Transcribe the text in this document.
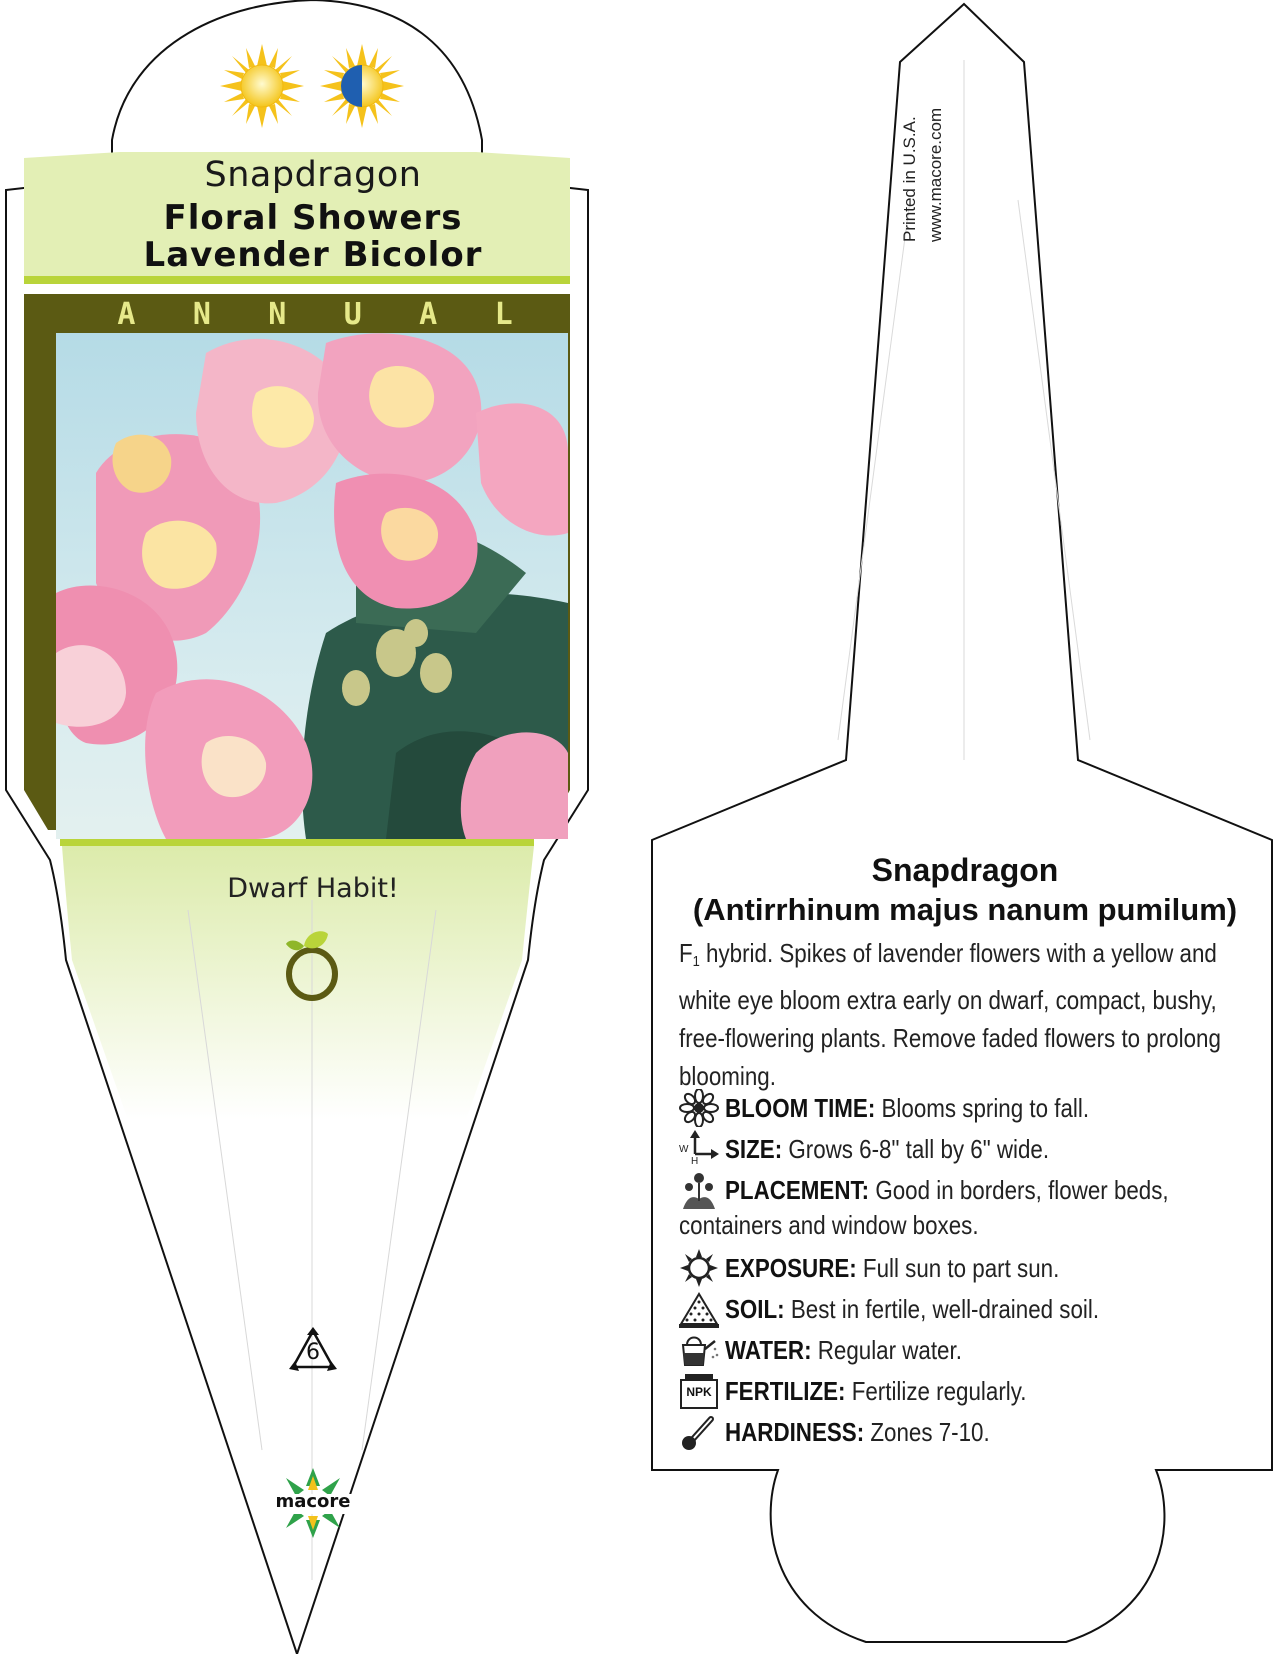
Snapdragon
Floral Showers
Lavender Bicolor
A N N U A L
Dwarf Habit!
6
macore
Printed in U.S.A. www.macore.com
Snapdragon
(Antirrhinum majus nanum pumilum)
$F_1$ hybrid. Spikes of lavender flowers with a yellow and
white eye bloom extra early on dwarf, compact, bushy,
free-flowering plants. Remove faded flowers to prolong
blooming.
BLOOM TIME: Blooms spring to fall.
W
H SIZE: Grows 6-8" tall by 6" wide.
PLACEMENT: Good in borders, flower beds,
containers and window boxes.
EXPOSURE: Full sun to part sun.
SOIL: Best in fertile, well-drained soil.
WATER: Regular water.
NPK FERTILIZE: Fertilize regularly.
HARDINESS: Zones 7-10.
